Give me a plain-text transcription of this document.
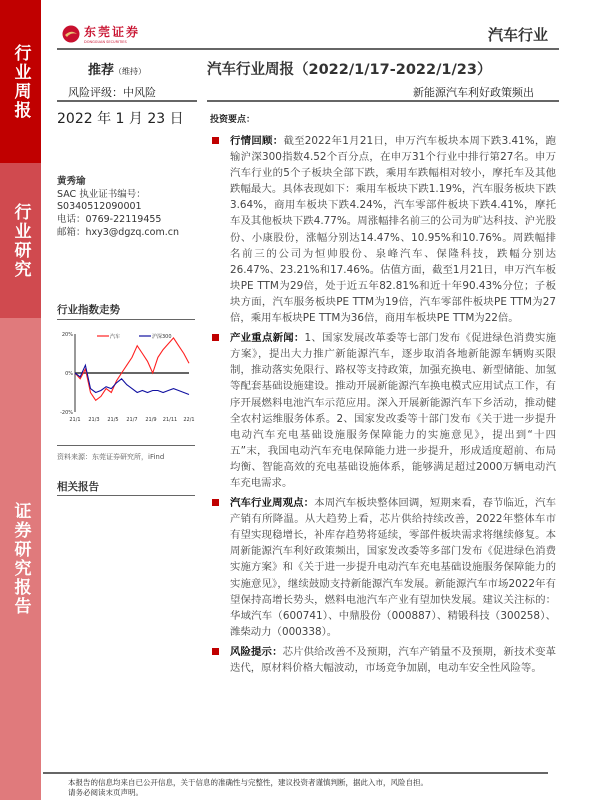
行业周报
行业研究
证券研究报告
东莞证券
DONGGUAN SECURITIES	汽车行业
推荐（维持）
风险评级：中风险
汽车行业周报（2022/1/17-2022/1/23）
新能源汽车利好政策频出
2022 年 1 月 23 日	投资要点：
黄秀瑜
SAC 执业证书编号：
S0340512090001
电话：0769-22119455
邮箱：hxy3@dgzq.com.cn
行业指数走势
20%
0%
-20%
21/1 21/3 21/5 21/7 21/9 21/11 22/1
汽车	沪深300
资料来源：东莞证券研究所，iFind
相关报告
行情回顾：截至2022年1月21日，申万汽车板块本周下跌3.41%，跑输沪深300指数4.52个百分点，在申万31个行业中排行第27名。申万汽车行业的5个子板块全部下跌，乘用车跌幅相对较小，摩托车及其他跌幅最大。具体表现如下：乘用车板块下跌1.19%，汽车服务板块下跌3.64%，商用车板块下跌4.24%，汽车零部件板块下跌4.41%，摩托车及其他板块下跌4.77%。周涨幅排名前三的公司为旷达科技、沪光股份、小康股份，涨幅分别达14.47%、10.95%和10.76%。周跌幅排名前三的公司为恒帅股份、泉峰汽车、保隆科技，跌幅分别达26.47%、23.21%和17.46%。估值方面，截至1月21日，申万汽车板块PE TTM为29倍，处于近五年82.81%和近十年90.43%分位；子板块方面，汽车服务板块PE TTM为19倍，汽车零部件板块PE TTM为27倍，乘用车板块PE TTM为36倍，商用车板块PE TTM为22倍。
产业重点新闻：1、国家发展改革委等七部门发布《促进绿色消费实施方案》，提出大力推广新能源汽车，逐步取消各地新能源车辆购买限制，推动落实免限行、路权等支持政策，加强充换电、新型储能、加氢等配套基础设施建设。推动开展新能源汽车换电模式应用试点工作，有序开展燃料电池汽车示范应用。深入开展新能源汽车下乡活动，推动健全农村运维服务体系。2、国家发改委等十部门发布《关于进一步提升电动汽车充电基础设施服务保障能力的实施意见》，提出到“十四五”末，我国电动汽车充电保障能力进一步提升，形成适度超前、布局均衡、智能高效的充电基础设施体系，能够满足超过2000万辆电动汽车充电需求。
汽车行业周观点：本周汽车板块整体回调，短期来看，春节临近，汽车产销有所降温。从大趋势上看，芯片供给持续改善，2022年整体车市有望实现稳增长，补库存趋势将延续，零部件板块需求将继续修复。本周新能源汽车利好政策频出，国家发改委等多部门发布《促进绿色消费实施方案》和《关于进一步提升电动汽车充电基础设施服务保障能力的实施意见》，继续鼓励支持新能源汽车发展。新能源汽车市场2022年有望保持高增长势头，燃料电池汽车产业有望加快发展。建议关注标的：华域汽车（600741）、中鼎股份（000887）、精锻科技（300258）、潍柴动力（000338）。
风险提示：芯片供给改善不及预期，汽车产销量不及预期，新技术变革迭代，原材料价格大幅波动，市场竞争加剧，电动车安全性风险等。
本报告的信息均来自已公开信息，关于信息的准确性与完整性，建议投资者谨慎判断，据此入市，风险自担。
请务必阅读末页声明。
